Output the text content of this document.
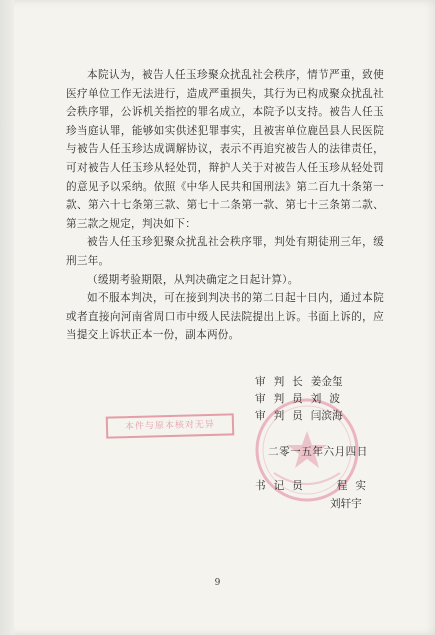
本院认为，被告人任玉珍聚众扰乱社会秩序，情节严重，致使医疗单位工作无法进行，造成严重损失，其行为已构成聚众扰乱社会秩序罪，公诉机关指控的罪名成立，本院予以支持。被告人任玉珍当庭认罪，能够如实供述犯罪事实，且被害单位鹿邑县人民医院与被告人任玉珍达成调解协议，表示不再追究被告人的法律责任，可对被告人任玉珍从轻处罚，辩护人关于对被告人任玉珍从轻处罚的意见予以采纳。依照《中华人民共和国刑法》第二百九十条第一款、第六十七条第三款、第七十二条第一款、第七十三条第二款、第三款之规定，判决如下：

被告人任玉珍犯聚众扰乱社会秩序罪，判处有期徒刑三年，缓刑三年。

（缓期考验期限，从判决确定之日起计算）。

如不服本判决，可在接到判决书的第二日起十日内，通过本院或者直接向河南省周口市中级人民法院提出上诉。书面上诉的，应当提交上诉状正本一份，副本两份。

本件与原本核对无异
审判长姜金玺
审判员刘波
审判员闫滨海
二零一五年六月四日
书记员 程实
刘轩宇
9
